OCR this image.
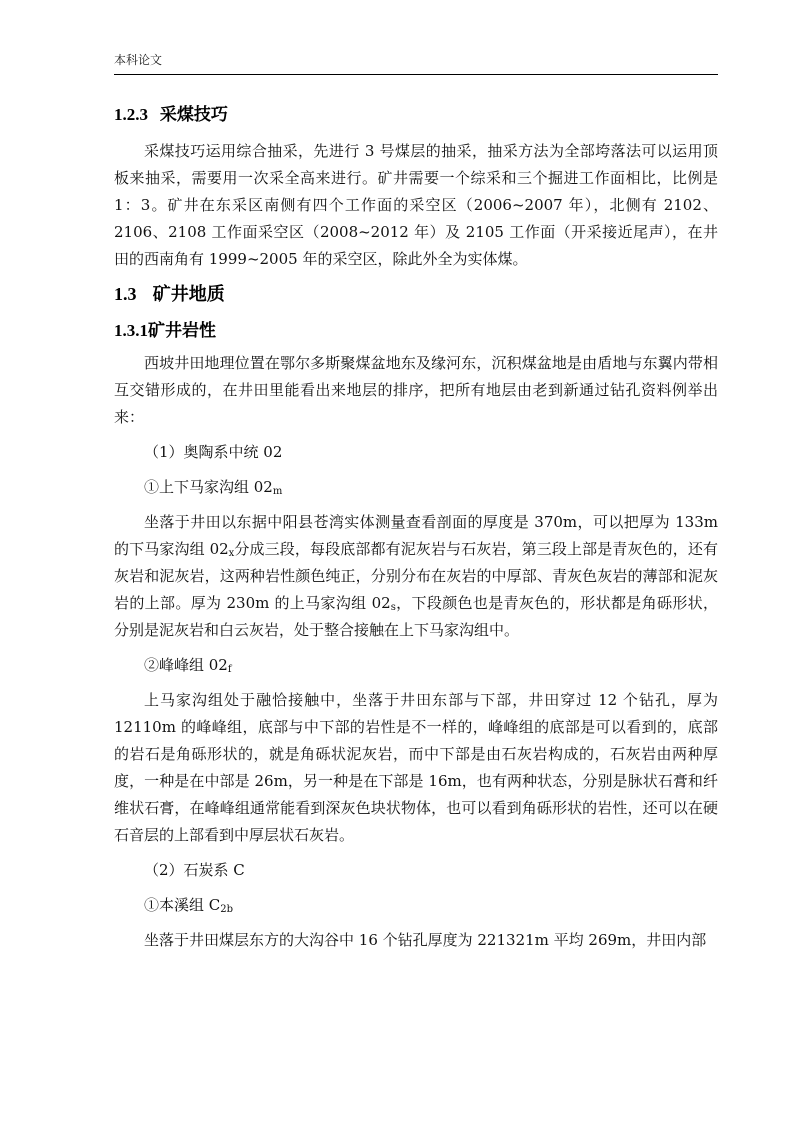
本科论文
1.2.3 采煤技巧

采煤技巧运用综合抽采，先进行 3 号煤层的抽采，抽采方法为全部垮落法可以运用顶板来抽采，需要用一次采全高来进行。矿井需要一个综采和三个掘进工作面相比，比例是 1：3。矿井在东采区南侧有四个工作面的采空区（2006~2007 年），北侧有 2102、2106、2108 工作面采空区（2008~2012 年）及 2105 工作面（开采接近尾声），在井田的西南角有 1999~2005 年的采空区，除此外全为实体煤。

1.3 矿井地质
1.3.1矿井岩性

西坡井田地理位置在鄂尔多斯聚煤盆地东及缘河东，沉积煤盆地是由盾地与东翼内带相互交错形成的，在井田里能看出来地层的排序，把所有地层由老到新通过钻孔资料例举出来：

（1）奥陶系中统 02
①上下马家沟组 $02_m$

坐落于井田以东据中阳县苍湾实体测量查看剖面的厚度是 370m，可以把厚为 133m 的下马家沟组 $02_x$分成三段，每段底部都有泥灰岩与石灰岩，第三段上部是青灰色的，还有灰岩和泥灰岩，这两种岩性颜色纯正，分别分布在灰岩的中厚部、青灰色灰岩的薄部和泥灰岩的上部。厚为 230m 的上马家沟组 $02_s$，下段颜色也是青灰色的，形状都是角砾形状，分别是泥灰岩和白云灰岩，处于整合接触在上下马家沟组中。

②峰峰组 $02_f$

上马家沟组处于融恰接触中，坐落于井田东部与下部，井田穿过 12 个钻孔，厚为 12110m 的峰峰组，底部与中下部的岩性是不一样的，峰峰组的底部是可以看到的，底部的岩石是角砾形状的，就是角砾状泥灰岩，而中下部是由石灰岩构成的，石灰岩由两种厚度，一种是在中部是 26m，另一种是在下部是 16m，也有两种状态，分别是脉状石膏和纤维状石膏，在峰峰组通常能看到深灰色块状物体，也可以看到角砾形状的岩性，还可以在硬石音层的上部看到中厚层状石灰岩。

（2）石炭系 C
①本溪组 $C_{2b}$

坐落于井田煤层东方的大沟谷中 16 个钻孔厚度为 221321m 平均 269m，井田内部
